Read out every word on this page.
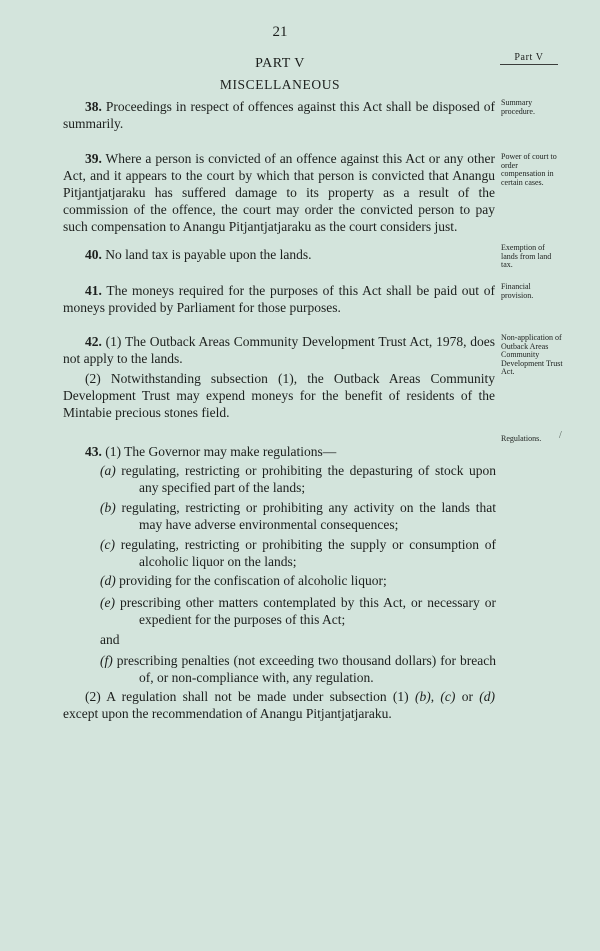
21
Part V
PART V
MISCELLANEOUS

38. Proceedings in respect of offences against this Act shall be disposed of summarily.

Summary procedure.

39. Where a person is convicted of an offence against this Act or any other Act, and it appears to the court by which that person is convicted that Anangu Pitjantjatjaraku has suffered damage to its property as a result of the commission of the offence, the court may order the convicted person to pay such compensation to Anangu Pitjantjatjaraku as the court considers just.

Power of court to order compensation in certain cases.

40. No land tax is payable upon the lands.	Exemption of lands from land tax.

41. The moneys required for the purposes of this Act shall be paid out of moneys provided by Parliament for those purposes.

Financial provision.

42. (1) The Outback Areas Community Development Trust Act, 1978, does not apply to the lands.

(2) Notwithstanding subsection (1), the Outback Areas Community Development Trust may expend moneys for the benefit of residents of the Mintabie precious stones field.

Non-application of Outback Areas Community Development Trust Act.
Regulations.	/

43. (1) The Governor may make regulations—

(a) regulating, restricting or prohibiting the depasturing of stock upon any specified part of the lands;
(b) regulating, restricting or prohibiting any activity on the lands that may have adverse environmental consequences;
(c) regulating, restricting or prohibiting the supply or consumption of alcoholic liquor on the lands;
(d) providing for the confiscation of alcoholic liquor;
(e) prescribing other matters contemplated by this Act, or necessary or expedient for the purposes of this Act;
and
(f) prescribing penalties (not exceeding two thousand dollars) for breach of, or non-compliance with, any regulation.

(2) A regulation shall not be made under subsection (1) (b), (c) or (d) except upon the recommendation of Anangu Pitjantjatjaraku.
